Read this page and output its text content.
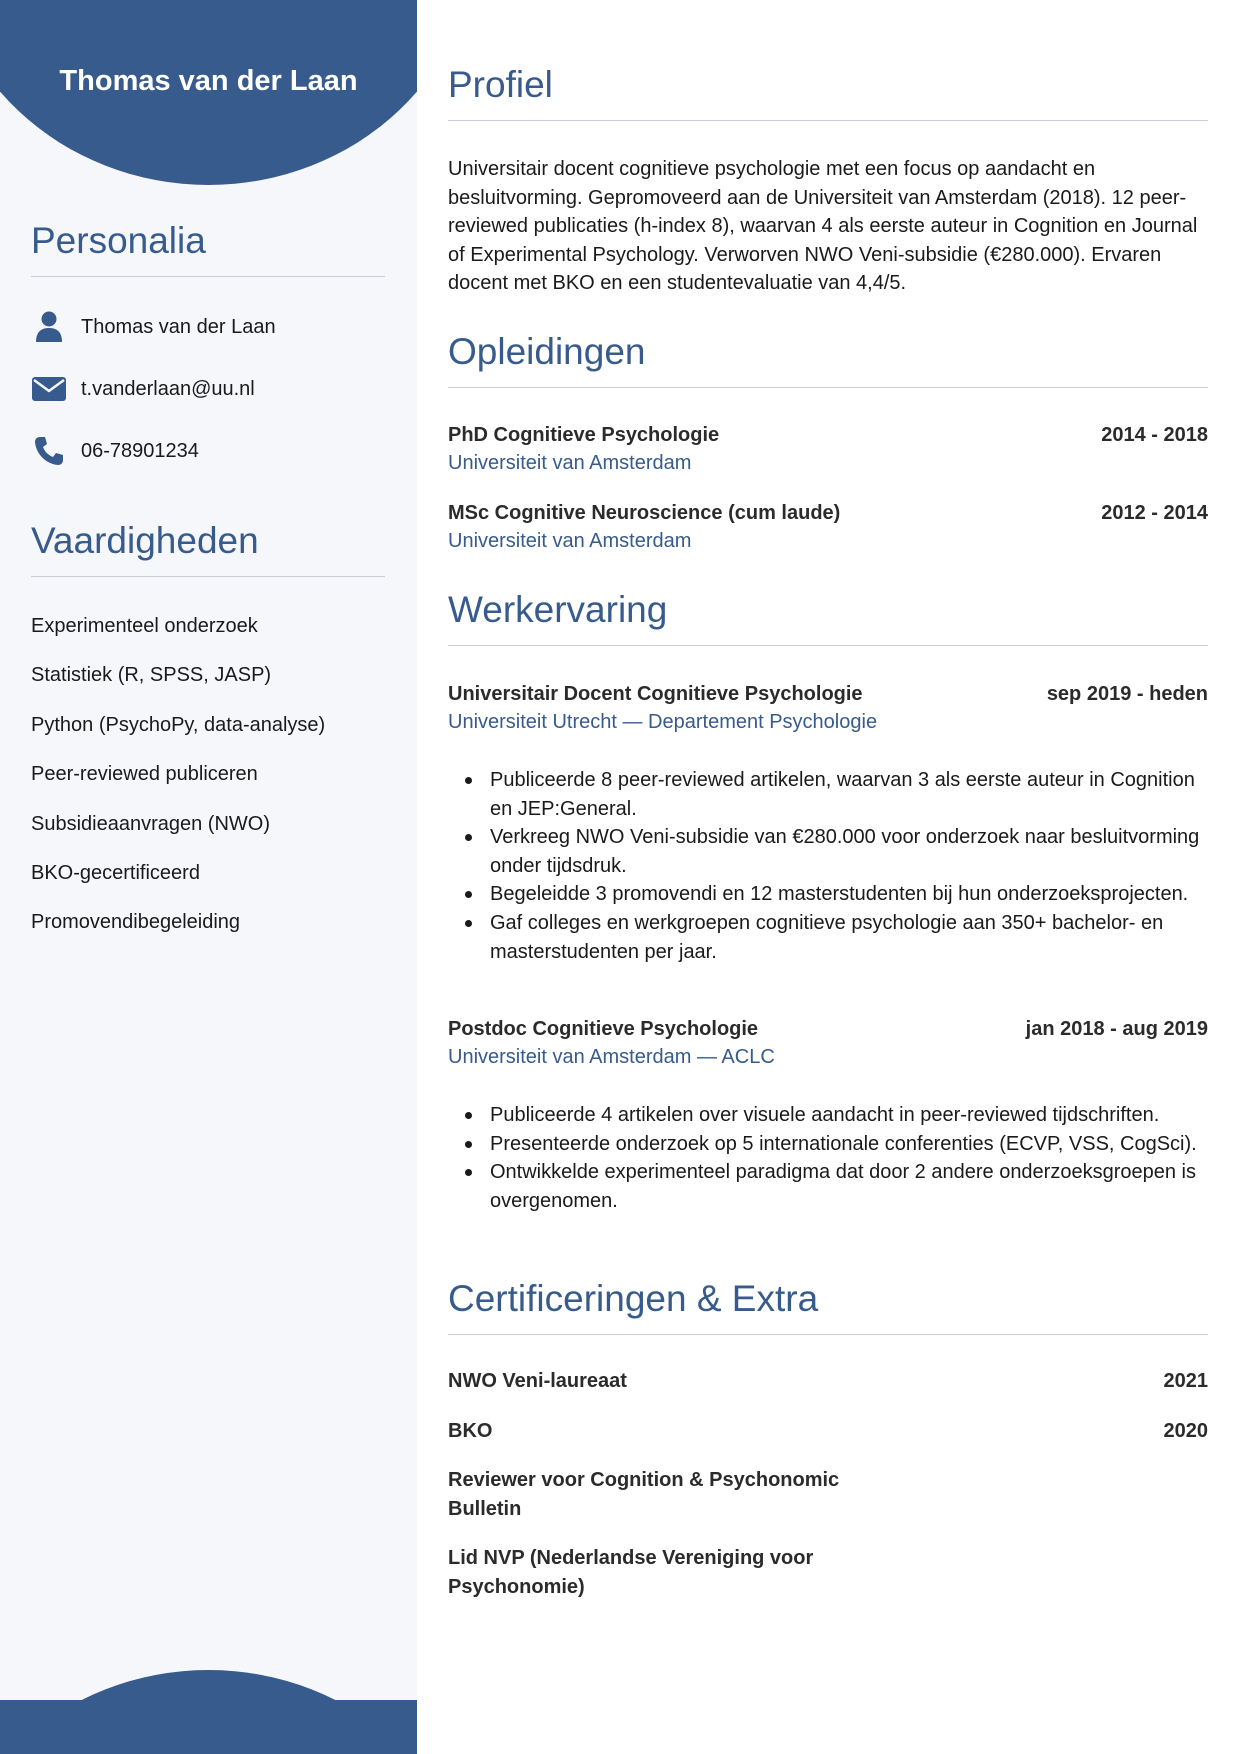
Thomas van der Laan
Personalia
Thomas van der Laan
t.vanderlaan@uu.nl
06-78901234
Vaardigheden
Experimenteel onderzoek
Statistiek (R, SPSS, JASP)
Python (PsychoPy, data-analyse)
Peer-reviewed publiceren
Subsidieaanvragen (NWO)
BKO-gecertificeerd
Promovendibegeleiding
Profiel

Universitair docent cognitieve psychologie met een focus op aandacht en besluitvorming. Gepromoveerd aan de Universiteit van Amsterdam (2018). 12 peer-reviewed publicaties (h-index 8), waarvan 4 als eerste auteur in Cognition en Journal of Experimental Psychology. Verworven NWO Veni-subsidie (€280.000). Ervaren docent met BKO en een studentevaluatie van 4,4/5.

Opleidingen
PhD Cognitieve Psychologie	2014 - 2018
Universiteit van Amsterdam
MSc Cognitive Neuroscience (cum laude)	2012 - 2014
Universiteit van Amsterdam
Werkervaring
Universitair Docent Cognitieve Psychologie	sep 2019 - heden
Universiteit Utrecht — Departement Psychologie
Publiceerde 8 peer-reviewed artikelen, waarvan 3 als eerste auteur in Cognition en JEP:General.
Verkreeg NWO Veni-subsidie van €280.000 voor onderzoek naar besluitvorming onder tijdsdruk.
Begeleidde 3 promovendi en 12 masterstudenten bij hun onderzoeksprojecten.
Gaf colleges en werkgroepen cognitieve psychologie aan 350+ bachelor- en masterstudenten per jaar.
Postdoc Cognitieve Psychologie	jan 2018 - aug 2019
Universiteit van Amsterdam — ACLC
Publiceerde 4 artikelen over visuele aandacht in peer-reviewed tijdschriften.
Presenteerde onderzoek op 5 internationale conferenties (ECVP, VSS, CogSci).
Ontwikkelde experimenteel paradigma dat door 2 andere onderzoeksgroepen is overgenomen.
Certificeringen & Extra
NWO Veni-laureaat	2021
BKO	2020
Reviewer voor Cognition & Psychonomic Bulletin
Lid NVP (Nederlandse Vereniging voor Psychonomie)
